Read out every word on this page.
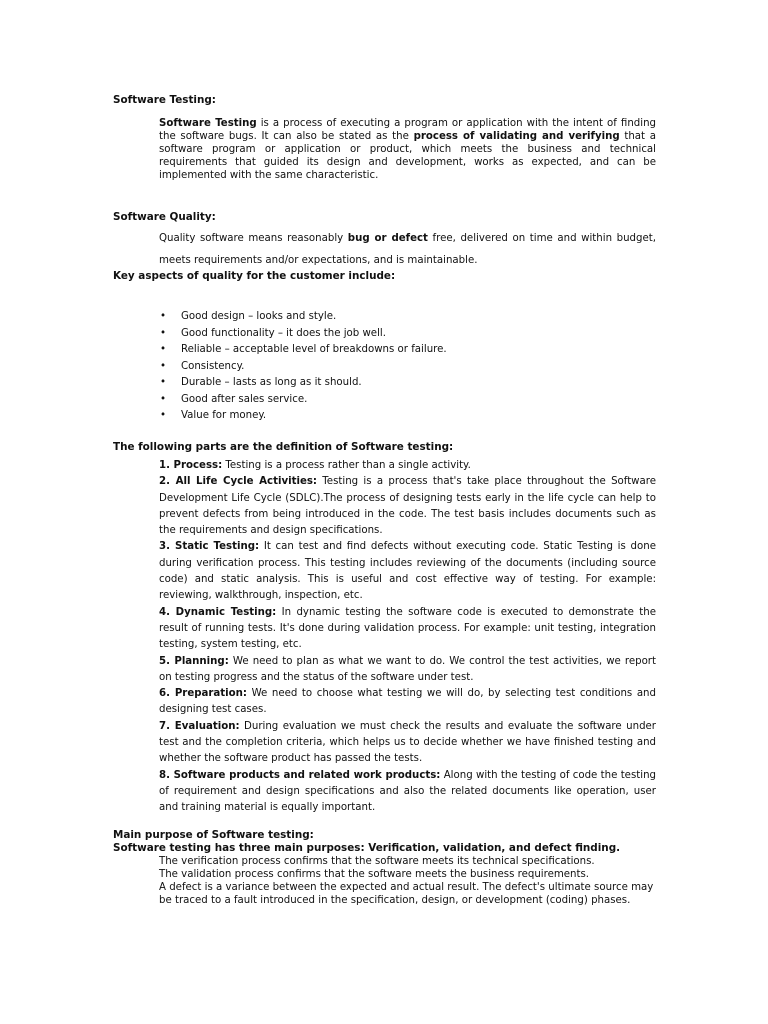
Software Testing:

Software Testing is a process of executing a program or application with the intent of finding the software bugs. It can also be stated as the process of validating and verifying that a software program or application or product, which meets the business and technical requirements that guided its design and development, works as expected, and can be implemented with the same characteristic.

Software Quality:
Quality software means reasonably bug or defect free, delivered on time and within budget,
meets requirements and/or expectations, and is maintainable.
Key aspects of quality for the customer include:
• Good design – looks and style.
• Good functionality – it does the job well.
• Reliable – acceptable level of breakdowns or failure.
• Consistency.
• Durable – lasts as long as it should.
• Good after sales service.
• Value for money.
The following parts are the definition of Software testing:
1. Process: Testing is a process rather than a single activity.
2. All Life Cycle Activities: Testing is a process that's take place throughout the Software Development Life Cycle (SDLC).The process of designing tests early in the life cycle can help to prevent defects from being introduced in the code. The test basis includes documents such as the requirements and design specifications.
3. Static Testing: It can test and find defects without executing code. Static Testing is done during verification process. This testing includes reviewing of the documents (including source code) and static analysis. This is useful and cost effective way of testing. For example: reviewing, walkthrough, inspection, etc.
4. Dynamic Testing: In dynamic testing the software code is executed to demonstrate the result of running tests. It's done during validation process. For example: unit testing, integration testing, system testing, etc.
5. Planning: We need to plan as what we want to do. We control the test activities, we report on testing progress and the status of the software under test.
6. Preparation: We need to choose what testing we will do, by selecting test conditions and designing test cases.
7. Evaluation: During evaluation we must check the results and evaluate the software under test and the completion criteria, which helps us to decide whether we have finished testing and whether the software product has passed the tests.
8. Software products and related work products: Along with the testing of code the testing of requirement and design specifications and also the related documents like operation, user and training material is equally important.
Main purpose of Software testing:
Software testing has three main purposes: Verification, validation, and defect finding.
The verification process confirms that the software meets its technical specifications.
The validation process confirms that the software meets the business requirements.
A defect is a variance between the expected and actual result. The defect's ultimate source may be traced to a fault introduced in the specification, design, or development (coding) phases.
